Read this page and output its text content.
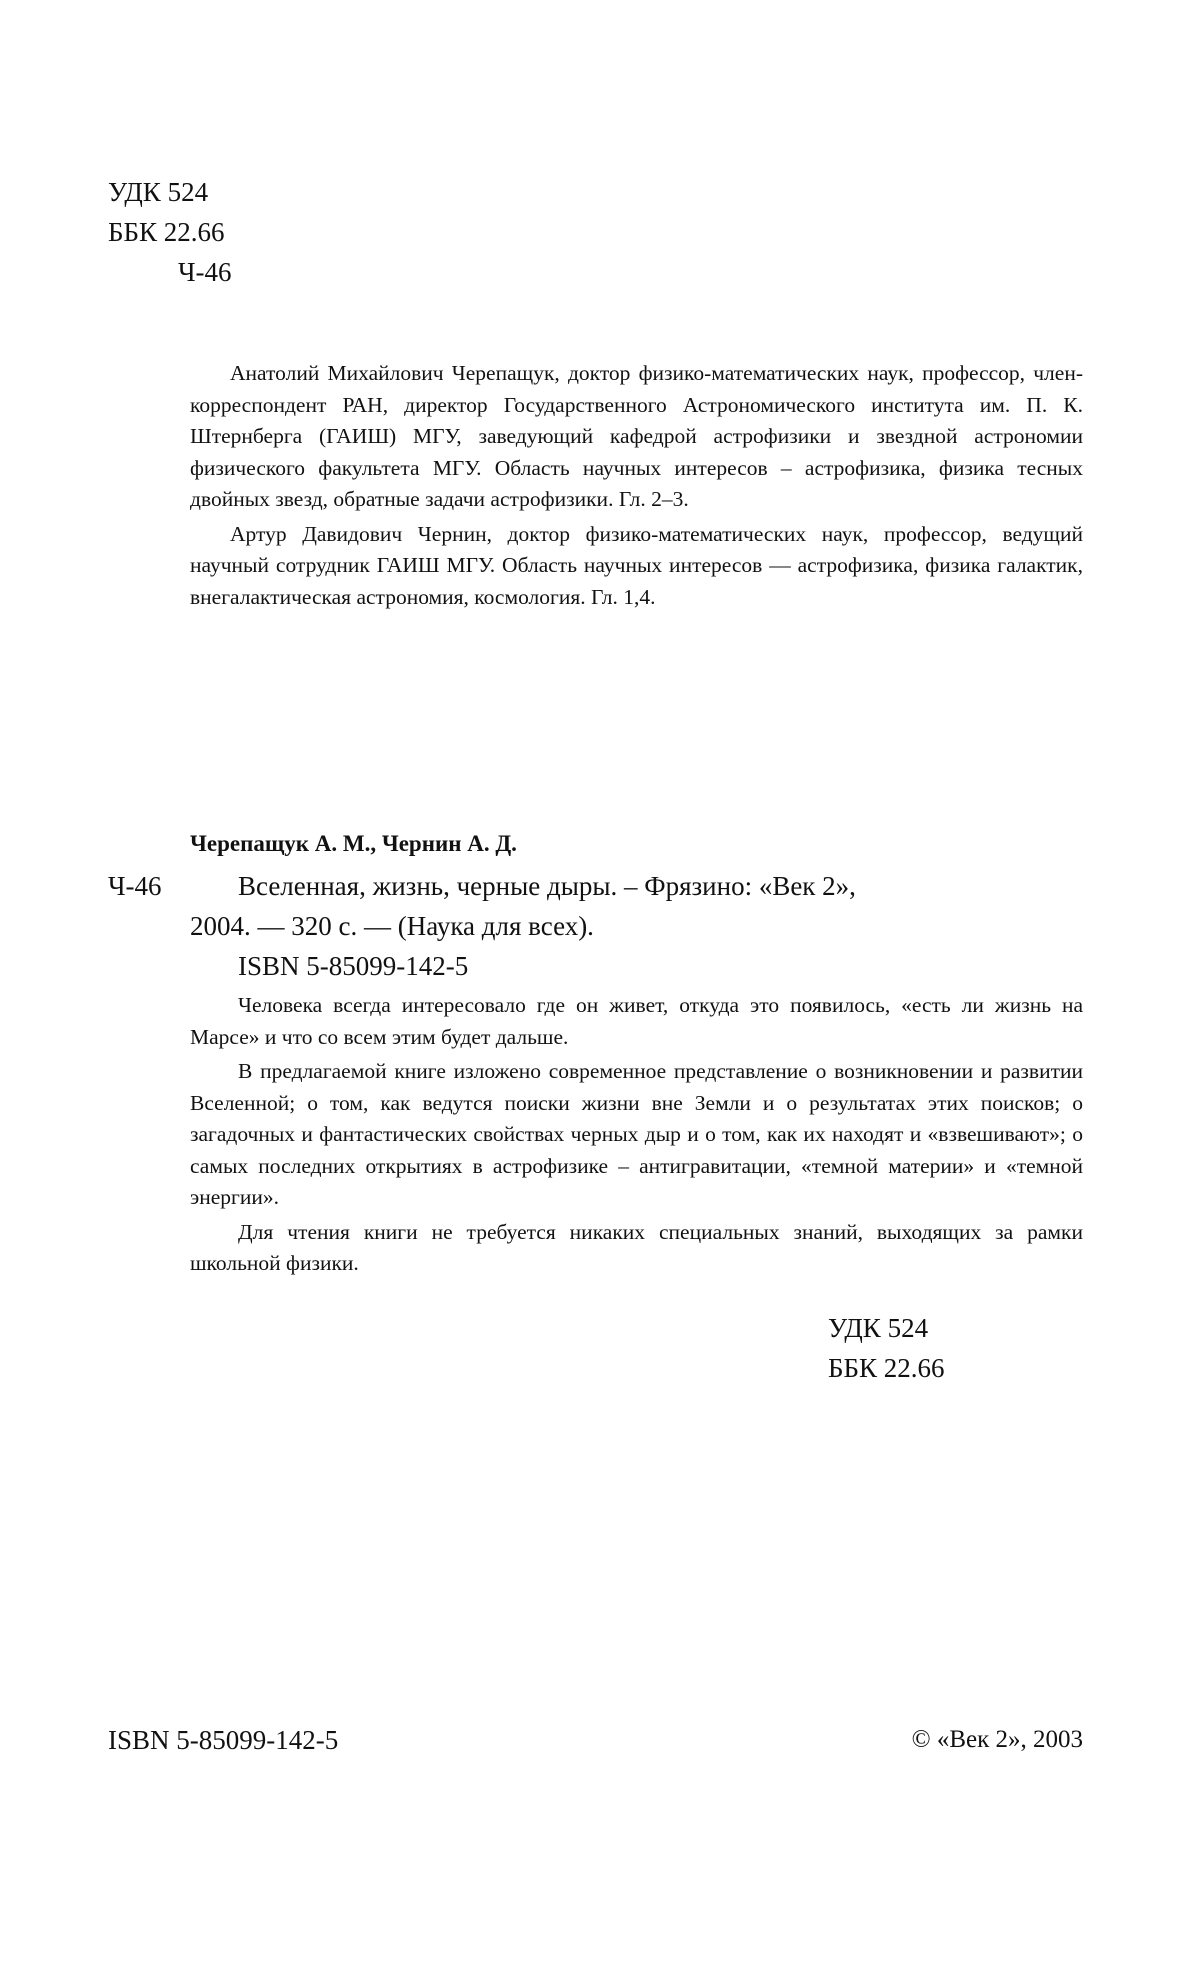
УДК 524
ББК 22.66
Ч-46

Анатолий Михайлович Черепащук, доктор физико-математических наук, профессор, член-корреспондент РАН, директор Государственного Астрономического института им. П. К. Штернберга (ГАИШ) МГУ, заведующий кафедрой астрофизики и звездной астрономии физического факультета МГУ. Область научных интересов – астрофизика, физика тесных двойных звезд, обратные задачи астрофизики. Гл. 2–3.

Артур Давидович Чернин, доктор физико-математических наук, профессор, ведущий научный сотрудник ГАИШ МГУ. Область научных интересов — астрофизика, физика галактик, внегалактическая астрономия, космология. Гл. 1,4.

Черепащук А. М., Чернин А. Д.
Ч-46	Вселенная, жизнь, черные дыры. – Фрязино: «Век 2»,
2004. — 320 с. — (Наука для всех).
ISBN 5-85099-142-5

Человека всегда интересовало где он живет, откуда это появилось, «есть ли жизнь на Марсе» и что со всем этим будет дальше.

В предлагаемой книге изложено современное представление о возникновении и развитии Вселенной; о том, как ведутся поиски жизни вне Земли и о результатах этих поисков; о загадочных и фантастических свойствах черных дыр и о том, как их находят и «взвешивают»; о самых последних открытиях в астрофизике – антигравитации, «темной материи» и «темной энергии».

Для чтения книги не требуется никаких специальных знаний, выходящих за рамки школьной физики.

УДК 524
ББК 22.66
ISBN 5-85099-142-5	© «Век 2», 2003
